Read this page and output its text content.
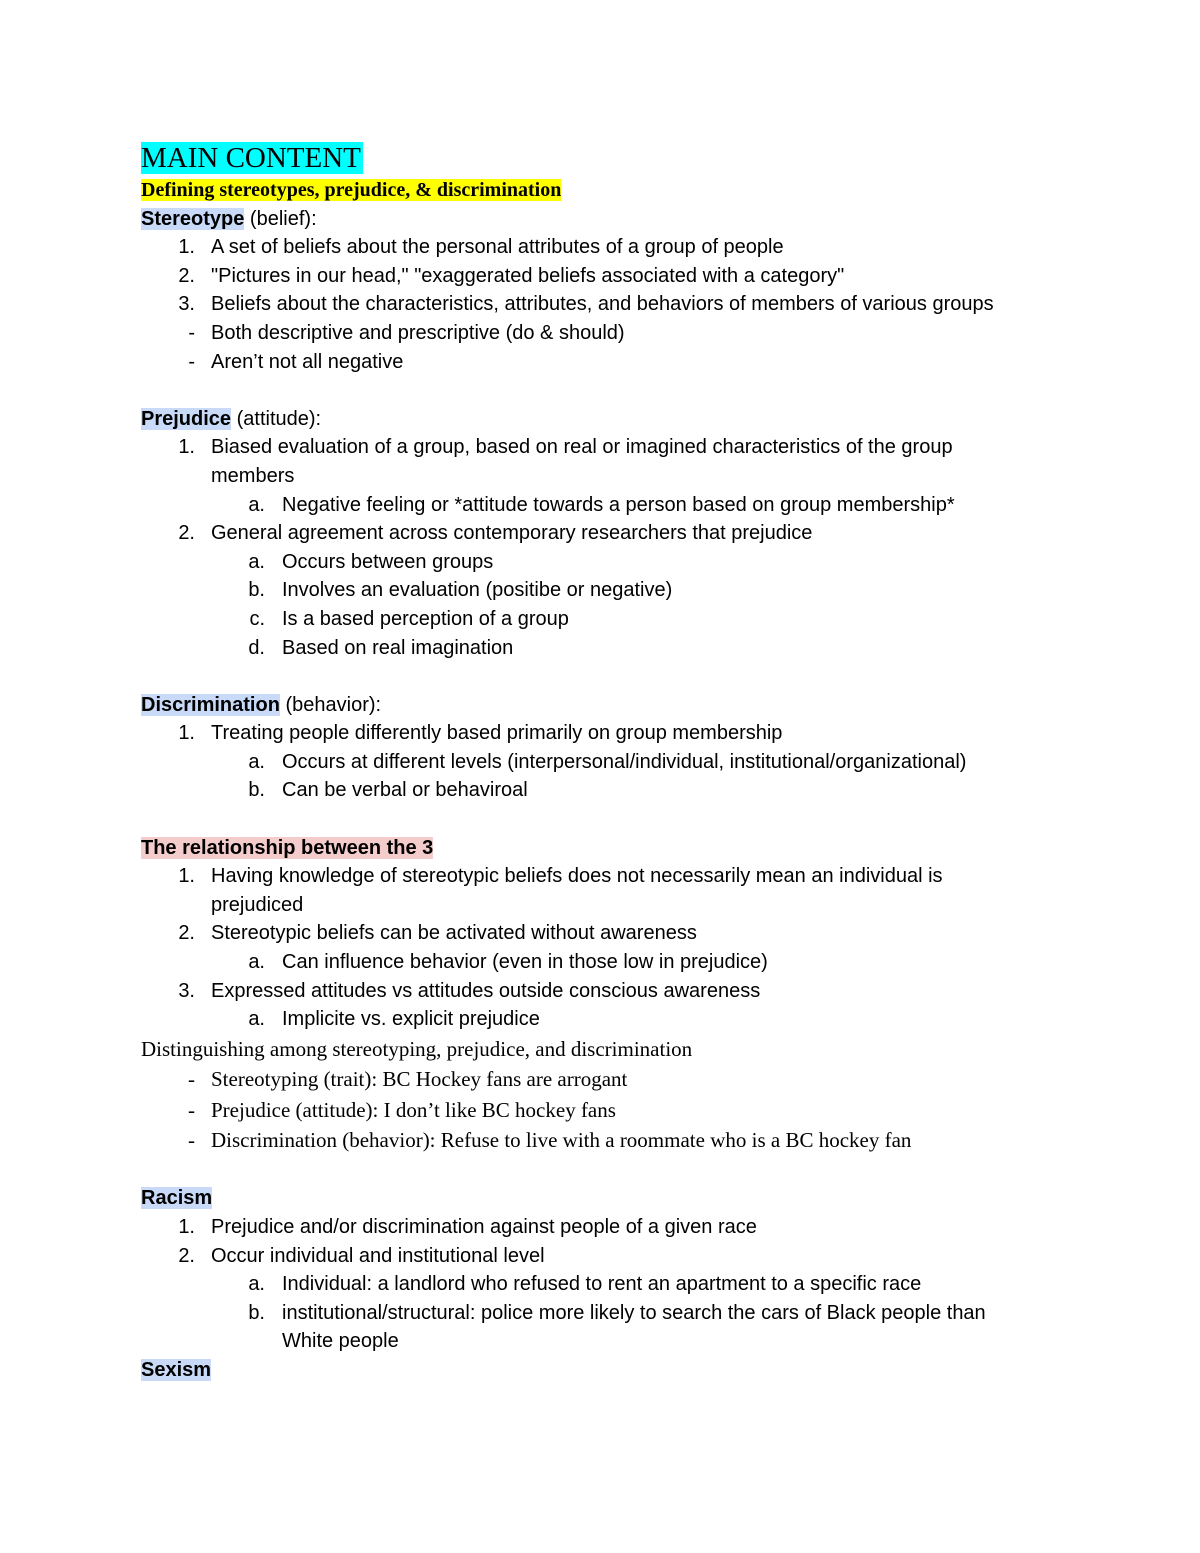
MAIN CONTENT
Defining stereotypes, prejudice, & discrimination
Stereotype (belief):
1. A set of beliefs about the personal attributes of a group of people
2. "Pictures in our head," "exaggerated beliefs associated with a category"
3. Beliefs about the characteristics, attributes, and behaviors of members of various groups
- Both descriptive and prescriptive (do & should)
- Aren’t not all negative
Prejudice (attitude):
1. Biased evaluation of a group, based on real or imagined characteristics of the group
members
a. Negative feeling or *attitude towards a person based on group membership*
2. General agreement across contemporary researchers that prejudice
a. Occurs between groups
b. Involves an evaluation (positibe or negative)
c. Is a based perception of a group
d. Based on real imagination
Discrimination (behavior):
1. Treating people differently based primarily on group membership
a. Occurs at different levels (interpersonal/individual, institutional/organizational)
b. Can be verbal or behaviroal
The relationship between the 3
1. Having knowledge of stereotypic beliefs does not necessarily mean an individual is
prejudiced
2. Stereotypic beliefs can be activated without awareness
a. Can influence behavior (even in those low in prejudice)
3. Expressed attitudes vs attitudes outside conscious awareness
a. Implicite vs. explicit prejudice
Distinguishing among stereotyping, prejudice, and discrimination
- Stereotyping (trait): BC Hockey fans are arrogant
- Prejudice (attitude): I don’t like BC hockey fans
- Discrimination (behavior): Refuse to live with a roommate who is a BC hockey fan
Racism
1. Prejudice and/or discrimination against people of a given race
2. Occur individual and institutional level
a. Individual: a landlord who refused to rent an apartment to a specific race
b. institutional/structural: police more likely to search the cars of Black people than
White people
Sexism
